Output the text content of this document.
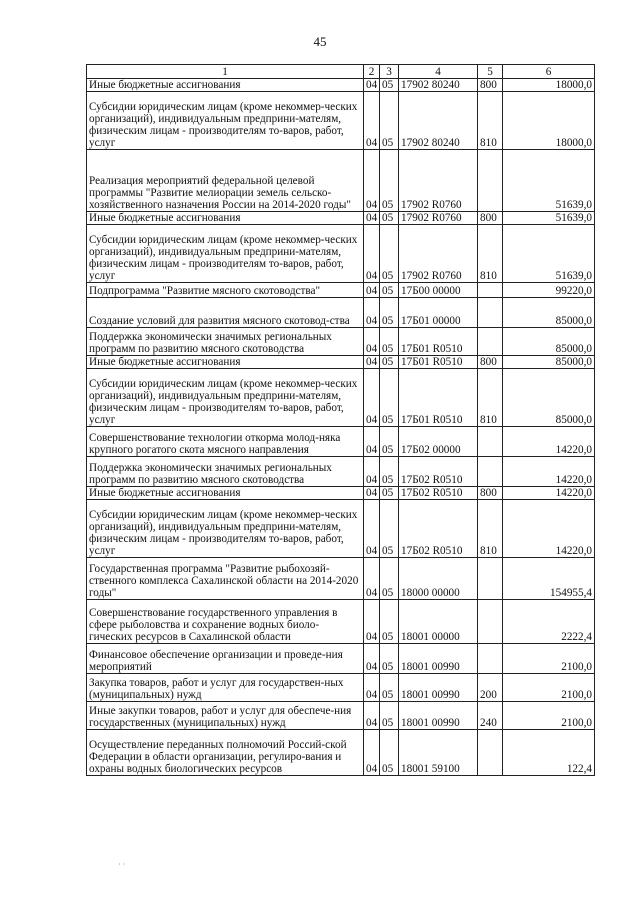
45
1	2	3	4	5	6
Иные бюджетные ассигнования	04	05	17902 80240	800	18000,0
Субсидии юридическим лицам (кроме некоммер-ческих организаций), индивидуальным предприни-мателям, физическим лицам - производителям то-варов, работ, услуг	04	05	17902 80240	810	18000,0
Реализация мероприятий федеральной целевой программы "Развитие мелиорации земель сельско-хозяйственного назначения России на 2014-2020 годы"	04	05	17902 R0760		51639,0
Иные бюджетные ассигнования	04	05	17902 R0760	800	51639,0
Субсидии юридическим лицам (кроме некоммер-ческих организаций), индивидуальным предприни-мателям, физическим лицам - производителям то-варов, работ, услуг	04	05	17902 R0760	810	51639,0
Подпрограмма "Развитие мясного скотоводства"	04	05	17Б00 00000		99220,0
Создание условий для развития мясного скотовод-ства	04	05	17Б01 00000		85000,0
Поддержка экономически значимых региональных программ по развитию мясного скотоводства	04	05	17Б01 R0510		85000,0
Иные бюджетные ассигнования	04	05	17Б01 R0510	800	85000,0
Субсидии юридическим лицам (кроме некоммер-ческих организаций), индивидуальным предприни-мателям, физическим лицам - производителям то-варов, работ, услуг	04	05	17Б01 R0510	810	85000,0
Совершенствование технологии откорма молод-няка крупного рогатого скота мясного направления	04	05	17Б02 00000		14220,0
Поддержка экономически значимых региональных программ по развитию мясного скотоводства	04	05	17Б02 R0510		14220,0
Иные бюджетные ассигнования	04	05	17Б02 R0510	800	14220,0
Субсидии юридическим лицам (кроме некоммер-ческих организаций), индивидуальным предприни-мателям, физическим лицам - производителям то-варов, работ, услуг	04	05	17Б02 R0510	810	14220,0
Государственная программа "Развитие рыбохозяй-ственного комплекса Сахалинской области на 2014-2020 годы"	04	05	18000 00000		154955,4
Совершенствование государственного управления в сфере рыболовства и сохранение водных биоло-гических ресурсов в Сахалинской области	04	05	18001 00000		2222,4
Финансовое обеспечение организации и проведе-ния мероприятий	04	05	18001 00990		2100,0
Закупка товаров, работ и услуг для государствен-ных (муниципальных) нужд	04	05	18001 00990	200	2100,0
Иные закупки товаров, работ и услуг для обеспече-ния государственных (муниципальных) нужд	04	05	18001 00990	240	2100,0
Осуществление переданных полномочий Россий-ской Федерации в области организации, регулиро-вания и охраны водных биологических ресурсов	04	05	18001 59100		122,4
· ·
